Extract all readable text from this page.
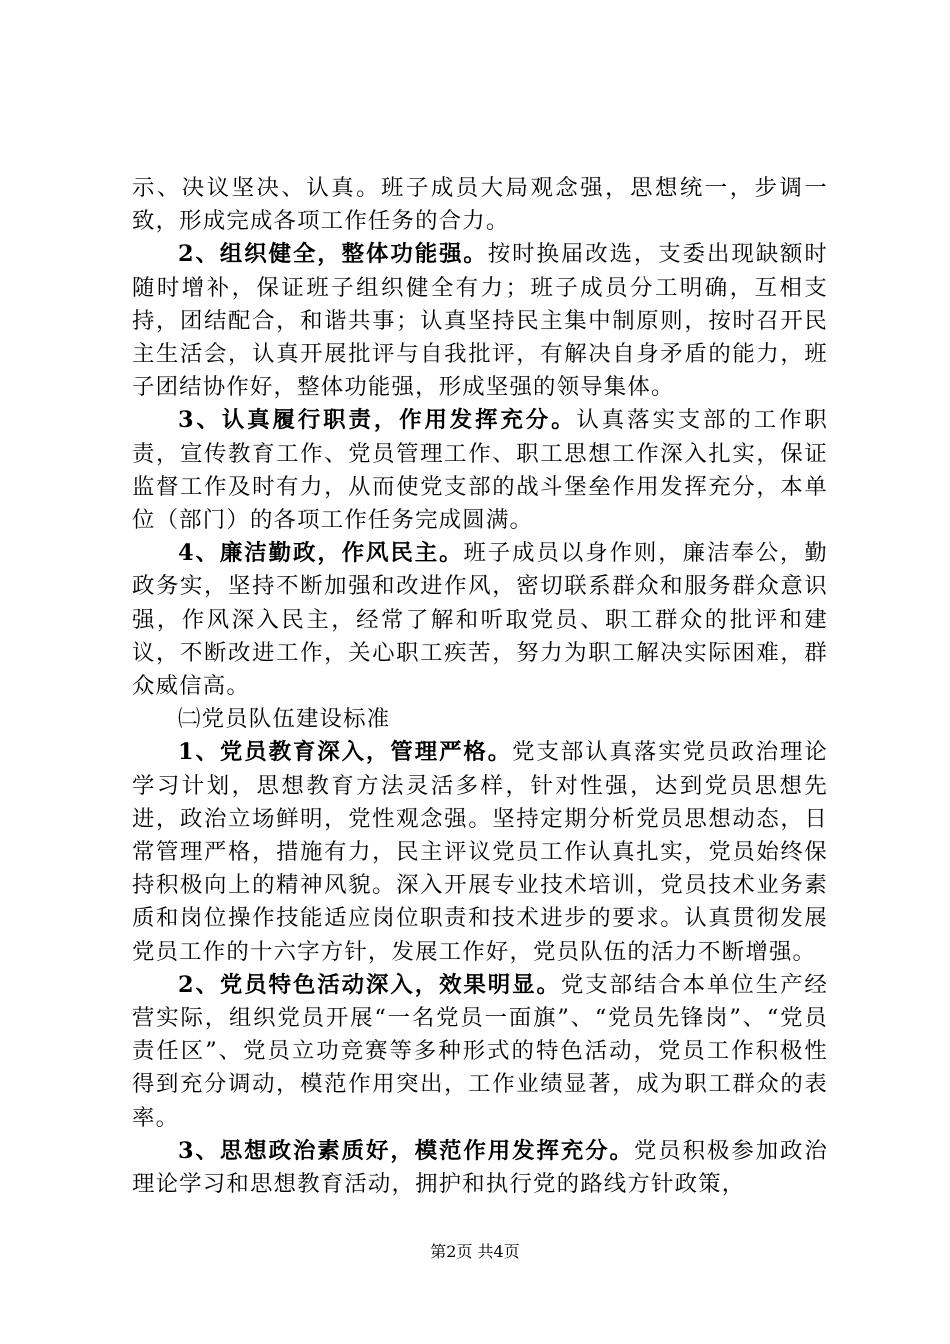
示、决议坚决、认真。班子成员大局观念强，思想统一，步调一致，形成完成各项工作任务的合力。

2、组织健全，整体功能强。按时换届改选，支委出现缺额时随时增补，保证班子组织健全有力；班子成员分工明确，互相支持，团结配合，和谐共事；认真坚持民主集中制原则，按时召开民主生活会，认真开展批评与自我批评，有解决自身矛盾的能力，班子团结协作好，整体功能强，形成坚强的领导集体。

3、认真履行职责，作用发挥充分。认真落实支部的工作职责，宣传教育工作、党员管理工作、职工思想工作深入扎实，保证监督工作及时有力，从而使党支部的战斗堡垒作用发挥充分，本单位（部门）的各项工作任务完成圆满。

4、廉洁勤政，作风民主。班子成员以身作则，廉洁奉公，勤政务实，坚持不断加强和改进作风，密切联系群众和服务群众意识强，作风深入民主，经常了解和听取党员、职工群众的批评和建议，不断改进工作，关心职工疾苦，努力为职工解决实际困难，群众威信高。

㈡党员队伍建设标准

1、党员教育深入，管理严格。党支部认真落实党员政治理论学习计划，思想教育方法灵活多样，针对性强，达到党员思想先进，政治立场鲜明，党性观念强。坚持定期分析党员思想动态，日常管理严格，措施有力，民主评议党员工作认真扎实，党员始终保持积极向上的精神风貌。深入开展专业技术培训，党员技术业务素质和岗位操作技能适应岗位职责和技术进步的要求。认真贯彻发展党员工作的十六字方针，发展工作好，党员队伍的活力不断增强。

2、党员特色活动深入，效果明显。党支部结合本单位生产经营实际，组织党员开展“一名党员一面旗”、“党员先锋岗”、“党员责任区”、党员立功竞赛等多种形式的特色活动，党员工作积极性得到充分调动，模范作用突出，工作业绩显著，成为职工群众的表率。

3、思想政治素质好，模范作用发挥充分。党员积极参加政治理论学习和思想教育活动，拥护和执行党的路线方针政策，

第2页 共4页
